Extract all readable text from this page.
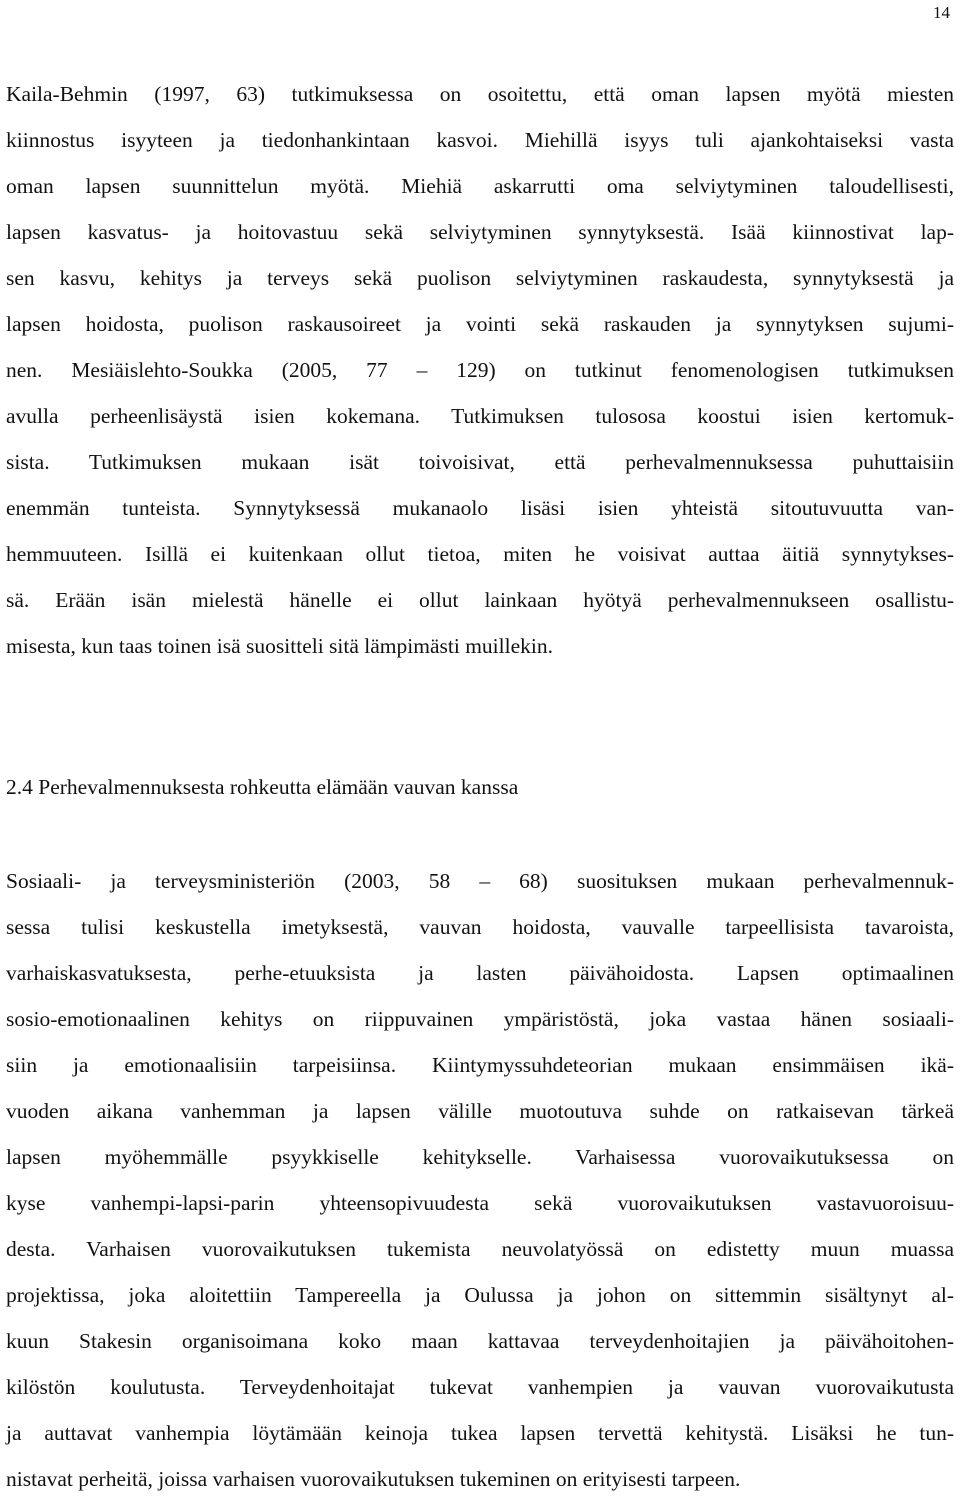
14
Kaila-Behmin (1997, 63) tutkimuksessa on osoitettu, että oman lapsen myötä miesten
kiinnostus isyyteen ja tiedonhankintaan kasvoi. Miehillä isyys tuli ajankohtaiseksi vasta
oman lapsen suunnittelun myötä. Miehiä askarrutti oma selviytyminen taloudellisesti,
lapsen kasvatus- ja hoitovastuu sekä selviytyminen synnytyksestä. Isää kiinnostivat lap-
sen kasvu, kehitys ja terveys sekä puolison selviytyminen raskaudesta, synnytyksestä ja
lapsen hoidosta, puolison raskausoireet ja vointi sekä raskauden ja synnytyksen sujumi-
nen. Mesiäislehto-Soukka (2005, 77 – 129) on tutkinut fenomenologisen tutkimuksen
avulla perheenlisäystä isien kokemana. Tutkimuksen tulososa koostui isien kertomuk-
sista. Tutkimuksen mukaan isät toivoisivat, että perhevalmennuksessa puhuttaisiin
enemmän tunteista. Synnytyksessä mukanaolo lisäsi isien yhteistä sitoutuvuutta van-
hemmuuteen. Isillä ei kuitenkaan ollut tietoa, miten he voisivat auttaa äitiä synnytykses-
sä. Erään isän mielestä hänelle ei ollut lainkaan hyötyä perhevalmennukseen osallistu-
misesta, kun taas toinen isä suositteli sitä lämpimästi muillekin.
2.4 Perhevalmennuksesta rohkeutta elämään vauvan kanssa
Sosiaali- ja terveysministeriön (2003, 58 – 68) suosituksen mukaan perhevalmennuk-
sessa tulisi keskustella imetyksestä, vauvan hoidosta, vauvalle tarpeellisista tavaroista,
varhaiskasvatuksesta, perhe-etuuksista ja lasten päivähoidosta. Lapsen optimaalinen
sosio-emotionaalinen kehitys on riippuvainen ympäristöstä, joka vastaa hänen sosiaali-
siin ja emotionaalisiin tarpeisiinsa. Kiintymyssuhdeteorian mukaan ensimmäisen ikä-
vuoden aikana vanhemman ja lapsen välille muotoutuva suhde on ratkaisevan tärkeä
lapsen myöhemmälle psyykkiselle kehitykselle. Varhaisessa vuorovaikutuksessa on
kyse vanhempi-lapsi-parin yhteensopivuudesta sekä vuorovaikutuksen vastavuoroisuu-
desta. Varhaisen vuorovaikutuksen tukemista neuvolatyössä on edistetty muun muassa
projektissa, joka aloitettiin Tampereella ja Oulussa ja johon on sittemmin sisältynyt al-
kuun Stakesin organisoimana koko maan kattavaa terveydenhoitajien ja päivähoitohen-
kilöstön koulutusta. Terveydenhoitajat tukevat vanhempien ja vauvan vuorovaikutusta
ja auttavat vanhempia löytämään keinoja tukea lapsen tervettä kehitystä. Lisäksi he tun-
nistavat perheitä, joissa varhaisen vuorovaikutuksen tukeminen on erityisesti tarpeen.
